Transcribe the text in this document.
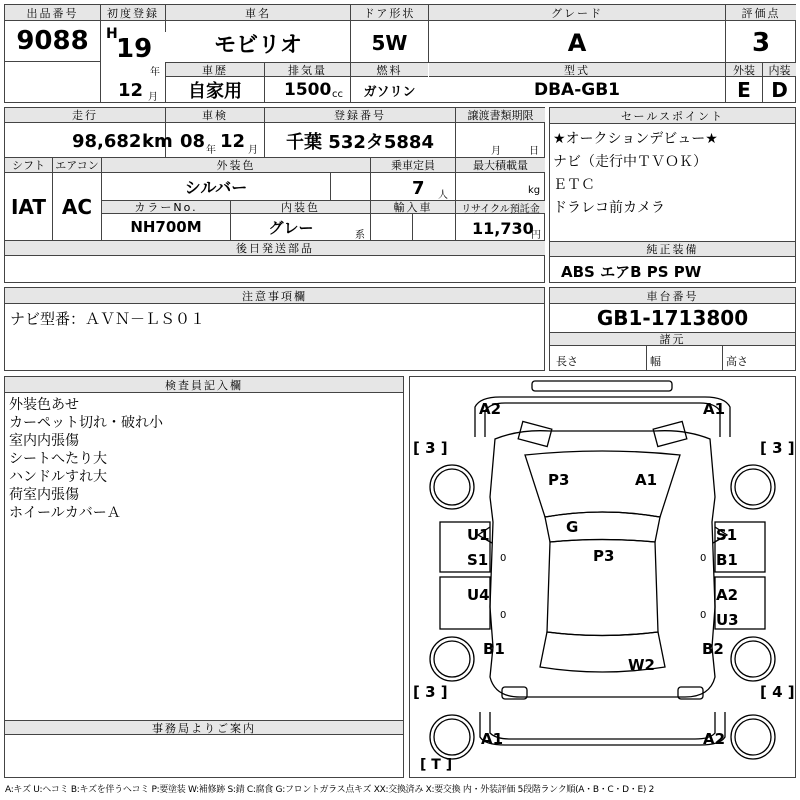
出品番号
9088
初度登録
H
19
年
12 月
車名
モビリオ
ドア形状
5W
グレード
A
評価点
3
車歴
自家用
排気量
1500 cc
燃料
ガソリン
型式
DBA-GB1
外装
E
内装
D
走行
98,682 km
車検
08 年 12 月
登録番号
千葉 532タ5884
譲渡書類期限
月	日
シフト
IAT
エアコン
AC
外装色
シルバー
乗車定員
7 人
最大積載量
kg
カラーNo.
NH700M
内装色
グレー	系
輸入車	リサイクル預託金
11,730
円
後日発送部品
セールスポイント
★オークションデビュー★
ナビ（走行中ＴＶＯＫ）
ＥＴＣ
ドラレコ前カメラ
純正装備
ABS エアB PS PW
注意事項欄
ナビ型番：ＡＶＮ－ＬＳ０１
車台番号
GB1-1713800
諸元
長さ	幅	高さ
検査員記入欄
外装色あせ
カーペット切れ・破れ小
室内内張傷
シートへたり大
ハンドルすれ大
荷室内張傷
ホイールカバーＡ
事務局よりご案内
A2	A1
[ 3 ]	[ 3 ]
P3	A1
G
P3
U1
S1 0
U4
0
S1
0 B1
A2
0 U3
B1	B2
W2
[ 3 ]	[ 4 ]
A1	A2
[ T ]
A:キズ U:ヘコミ B:キズを伴うヘコミ P:要塗装 W:補修跡 S:錆 C:腐食 G:フロントガラス点キズ XX:交換済み X:要交換 内・外装評価 5段階ランク順(A・B・C・D・E) 2
